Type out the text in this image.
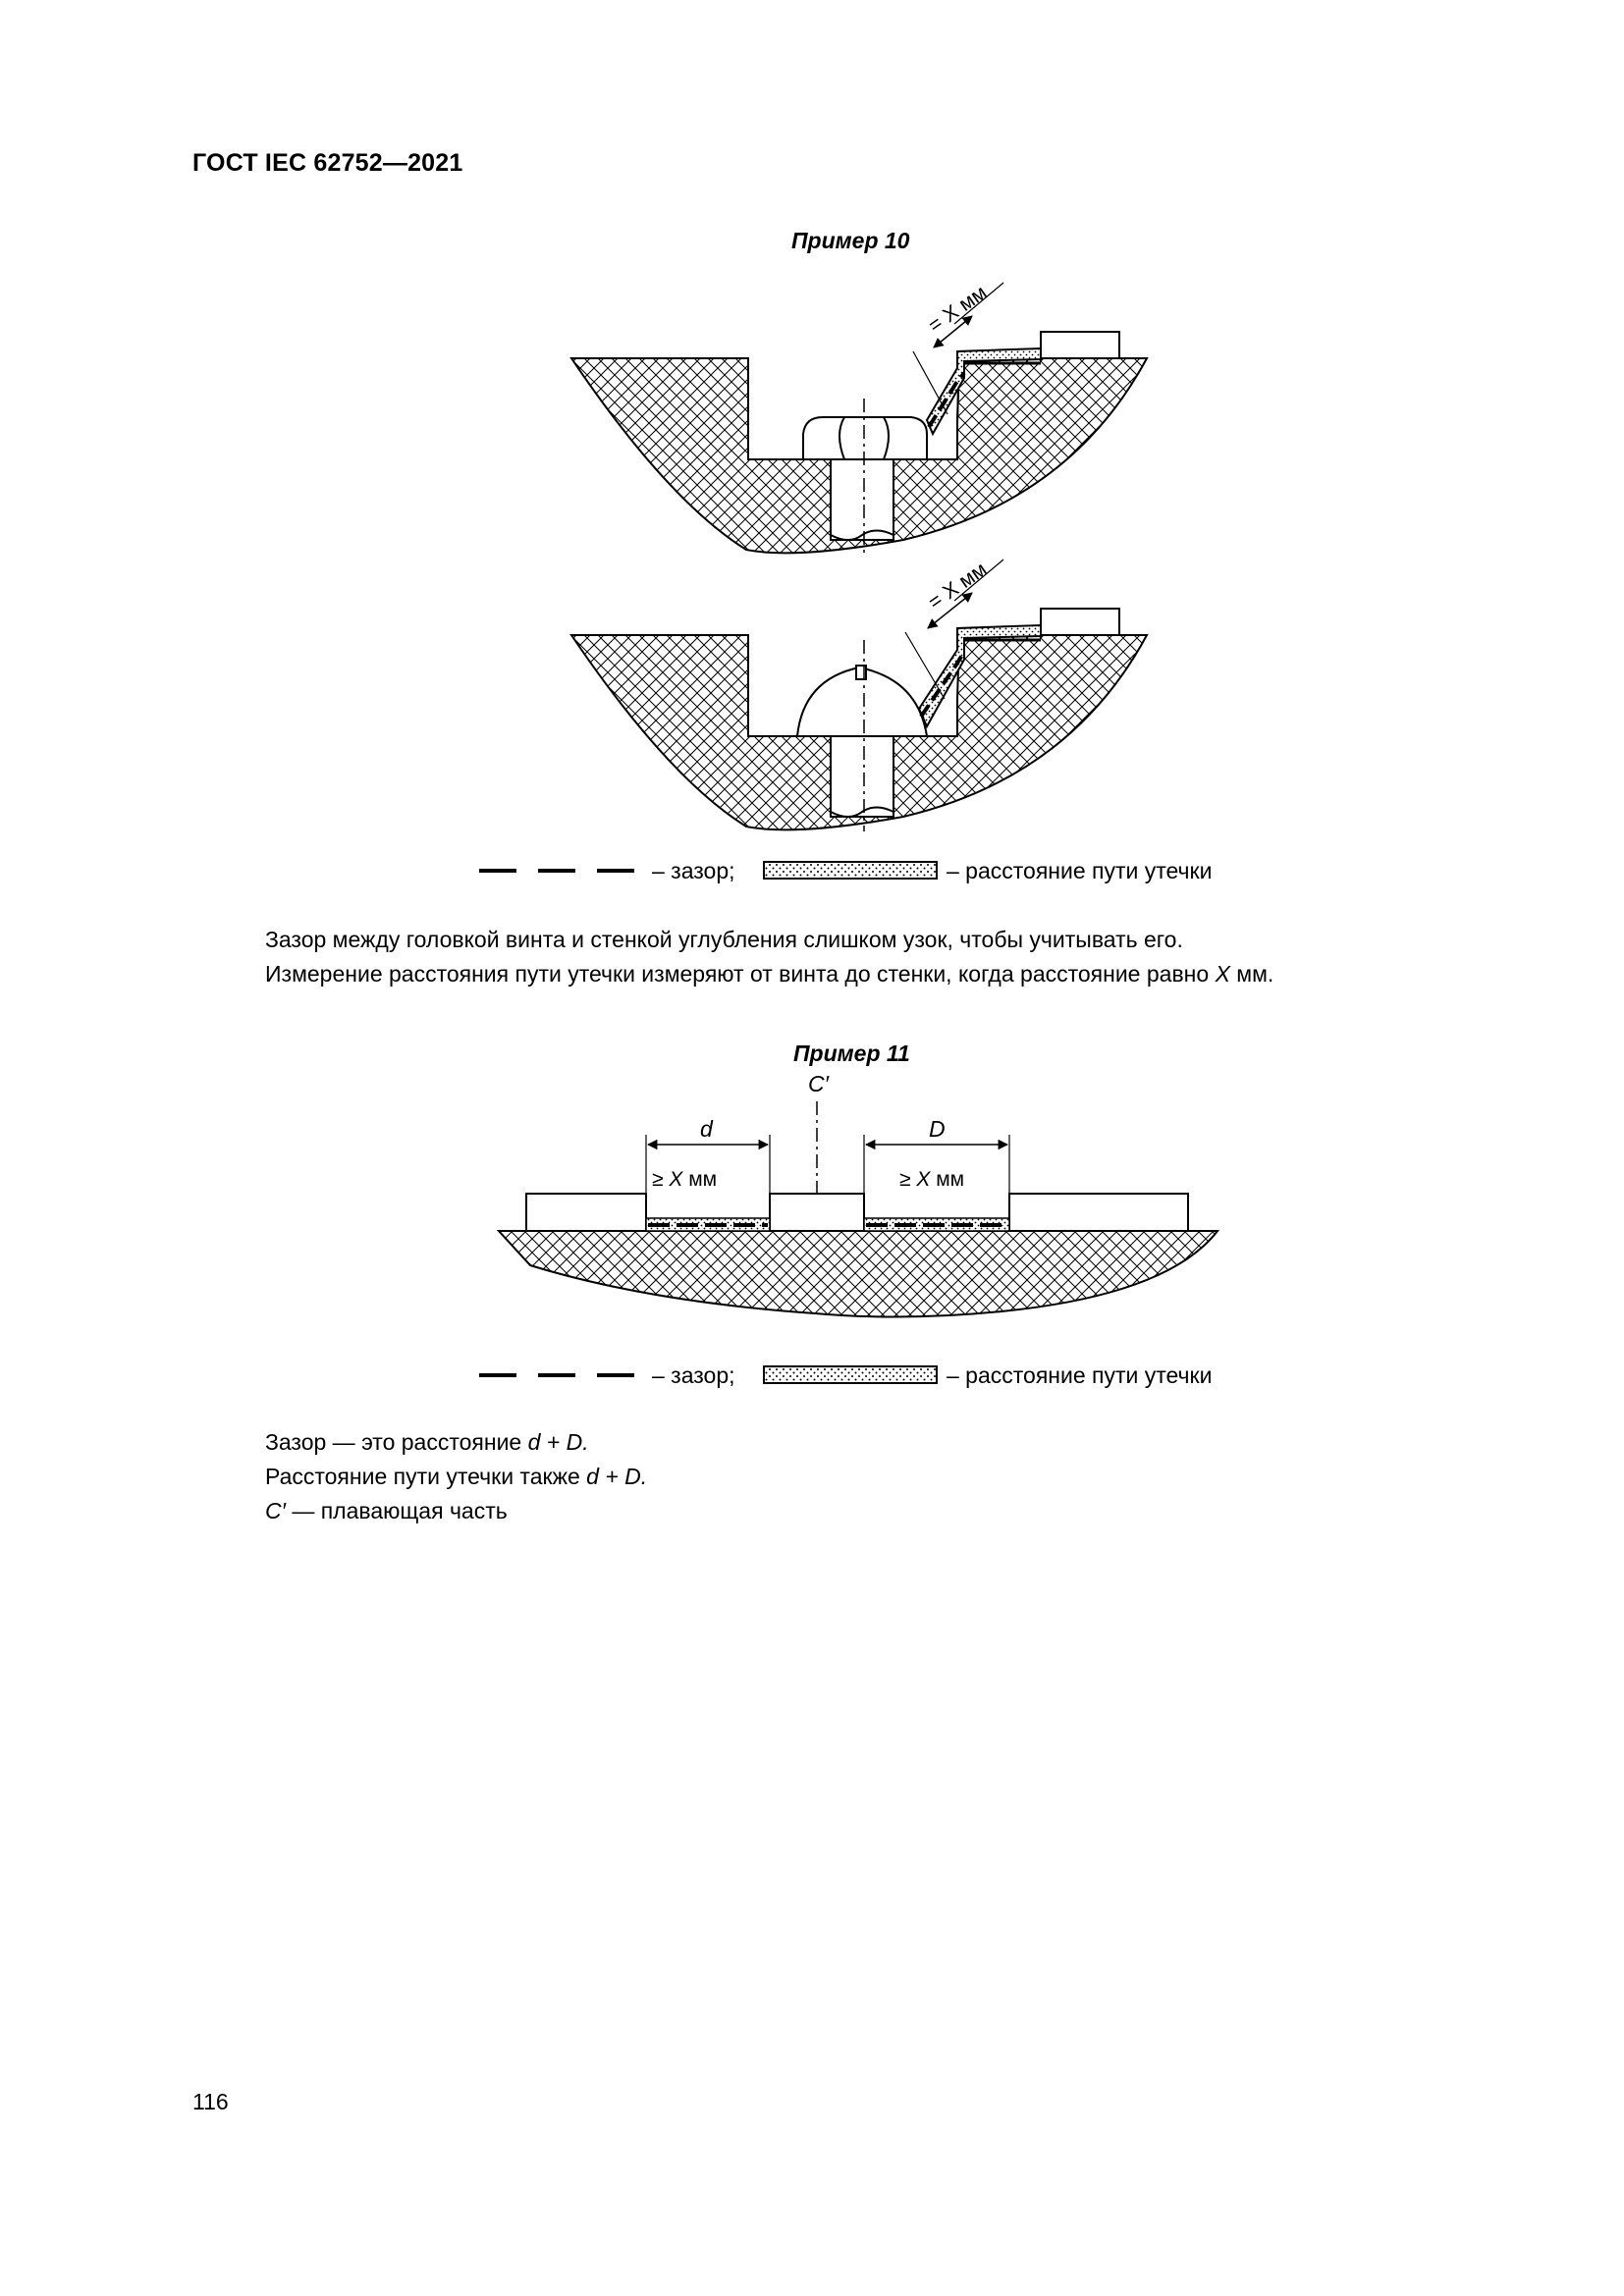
ГОСТ IEC 62752—2021
Пример 10
= X мм
= X мм
– зазор;	– расстояние пути утечки
Зазор между головкой винта и стенкой углубления слишком узок, чтобы учитывать его.
Измерение расстояния пути утечки измеряют от винта до стенки, когда расстояние равно X мм.
Пример 11
C′
d	D
≥ X мм	≥ X мм
– зазор;	– расстояние пути утечки
Зазор — это расстояние d + D.
Расстояние пути утечки также d + D.
C′ — плавающая часть
116
